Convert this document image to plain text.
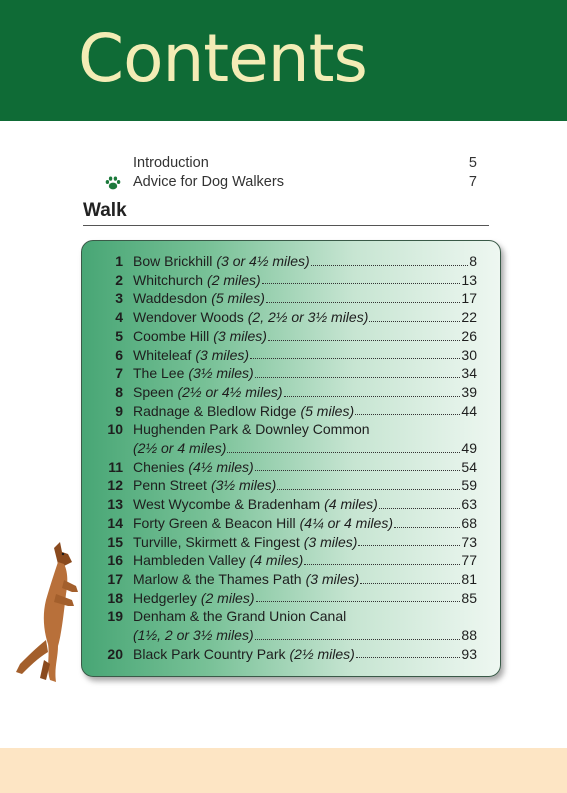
Contents
Introduction	5
Advice for Dog Walkers	7
Walk
1 Bow Brickhill (3 or 4½ miles)	8
2 Whitchurch (2 miles)	13
3 Waddesdon (5 miles)	17
4 Wendover Woods (2, 2½ or 3½ miles)	22
5 Coombe Hill (3 miles)	26
6 Whiteleaf (3 miles)	30
7 The Lee (3½ miles)	34
8 Speen (2½ or 4½ miles)	39
9 Radnage & Bledlow Ridge (5 miles)	44
10 Hughenden Park & Downley Common
(2½ or 4 miles)	49
11 Chenies (4½ miles)	54
12 Penn Street (3½ miles)	59
13 West Wycombe & Bradenham (4 miles)	63
14 Forty Green & Beacon Hill (4¼ or 4 miles)	68
15 Turville, Skirmett & Fingest (3 miles)	73
16 Hambleden Valley (4 miles)	77
17 Marlow & the Thames Path (3 miles)	81
18 Hedgerley (2 miles)	85
19 Denham & the Grand Union Canal
(1½, 2 or 3½ miles)	88
20 Black Park Country Park (2½ miles)	93
